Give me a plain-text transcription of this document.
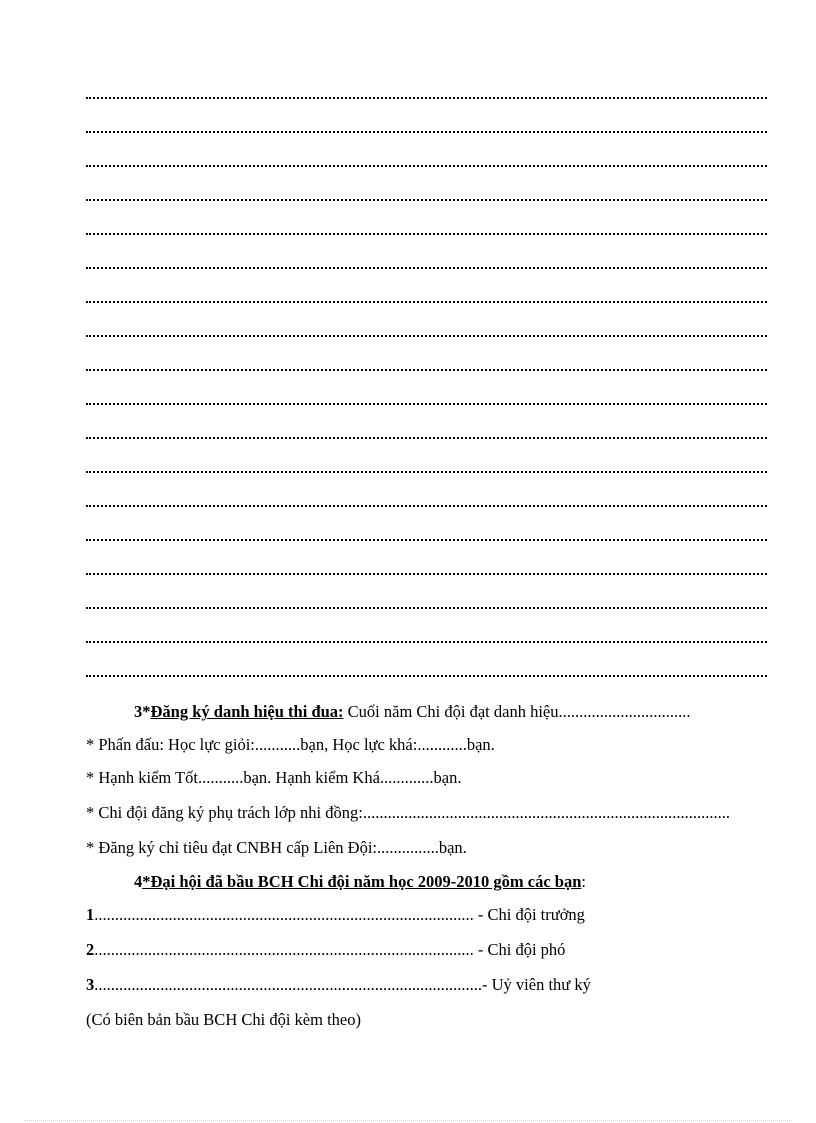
3*Đăng ký danh hiệu thi đua: Cuối năm Chi đội đạt danh hiệu................................
* Phấn đấu: Học lực giỏi:...........bạn, Học lực khá:............bạn.
* Hạnh kiểm Tốt...........bạn. Hạnh kiểm Khá.............bạn.
* Chi đội đăng ký phụ trách lớp nhi đồng:.........................................................................................
* Đăng ký chỉ tiêu đạt CNBH cấp Liên Đội:...............bạn.
4*Đại hội đã bầu BCH Chi đội năm học 2009-2010 gồm các bạn:
1............................................................................................ - Chi đội trưởng
2............................................................................................ - Chi đội phó
3..............................................................................................- Uỷ viên thư ký
(Có biên bản bầu BCH Chi đội kèm theo)
